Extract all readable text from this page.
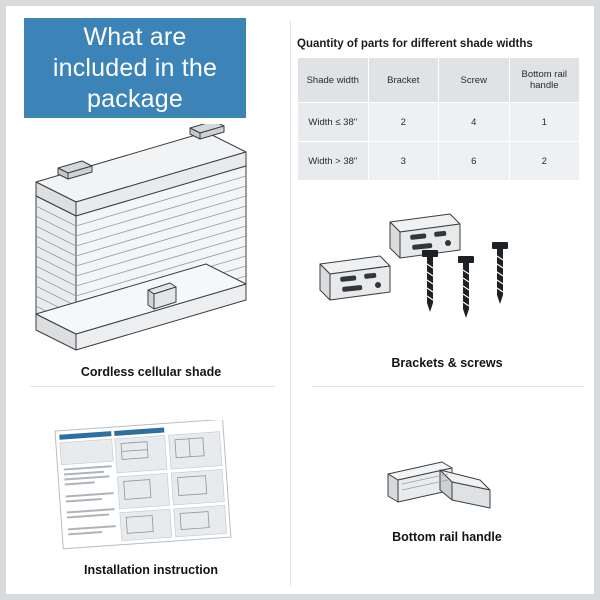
What are included in the package
Quantity of parts for different shade widths
Shade width	Bracket	Screw	Bottom rail handle
Width ≤ 38"	2	4	1
Width > 38"	3	6	2
Cordless cellular shade
Brackets & screws
Installation instruction
Bottom rail handle
